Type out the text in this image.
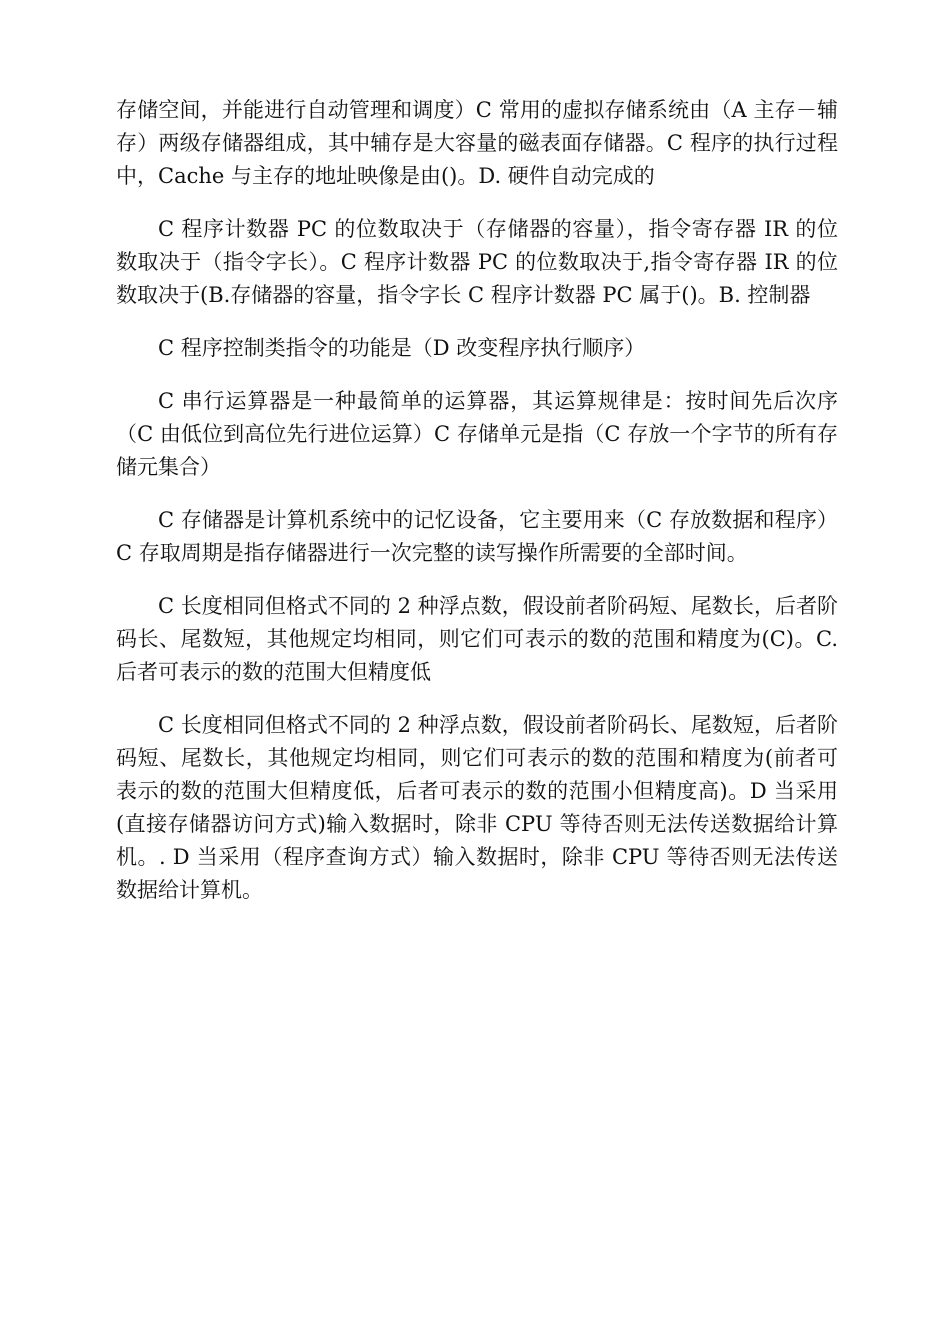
存储空间，并能进行自动管理和调度）C 常用的虚拟存储系统由（A 主存－辅存）两级存储器组成，其中辅存是大容量的磁表面存储器。C 程序的执行过程中，Cache 与主存的地址映像是由()。D. 硬件自动完成的

C 程序计数器 PC 的位数取决于（存储器的容量），指令寄存器 IR 的位数取决于（指令字长）。C 程序计数器 PC 的位数取决于,指令寄存器 IR 的位数取决于(B.存储器的容量，指令字长 C 程序计数器 PC 属于()。B. 控制器

C 程序控制类指令的功能是（D 改变程序执行顺序）

C 串行运算器是一种最简单的运算器，其运算规律是：按时间先后次序（C 由低位到高位先行进位运算）C 存储单元是指（C 存放一个字节的所有存储元集合）

C 存储器是计算机系统中的记忆设备，它主要用来（C 存放数据和程序）C 存取周期是指存储器进行一次完整的读写操作所需要的全部时间。

C 长度相同但格式不同的 2 种浮点数，假设前者阶码短、尾数长，后者阶码长、尾数短，其他规定均相同，则它们可表示的数的范围和精度为(C)。C.后者可表示的数的范围大但精度低

C 长度相同但格式不同的 2 种浮点数，假设前者阶码长、尾数短，后者阶码短、尾数长，其他规定均相同，则它们可表示的数的范围和精度为(前者可表示的数的范围大但精度低，后者可表示的数的范围小但精度高)。D 当采用(直接存储器访问方式)输入数据时，除非 CPU 等待否则无法传送数据给计算机。. D 当采用（程序查询方式）输入数据时，除非 CPU 等待否则无法传送数据给计算机。
